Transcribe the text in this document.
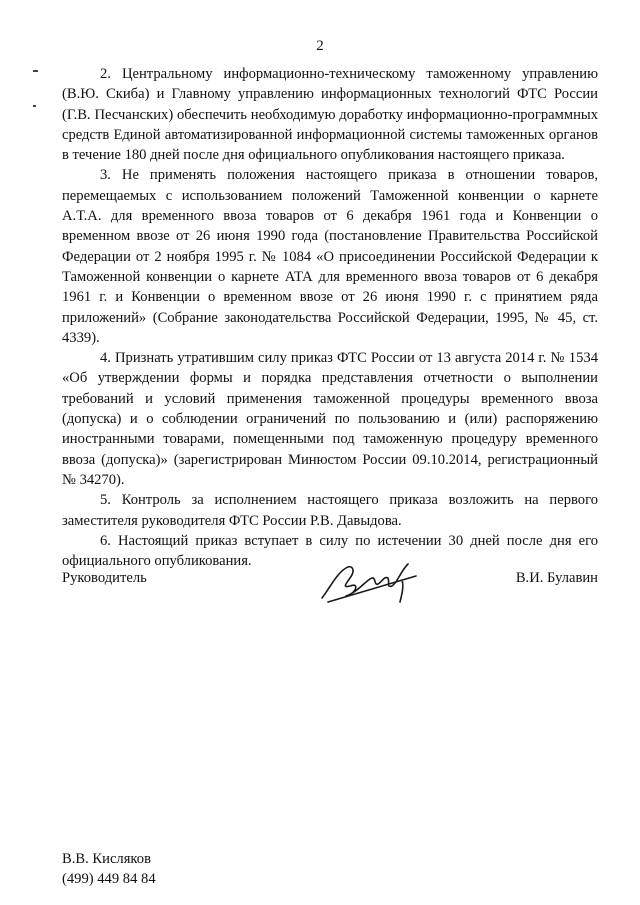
2

2. Центральному информационно-техническому таможенному управлению (В.Ю. Скиба) и Главному управлению информационных технологий ФТС России (Г.В. Песчанских) обеспечить необходимую доработку информационно-программных средств Единой автоматизированной информационной системы таможенных органов в течение 180 дней после дня официального опубликования настоящего приказа.

3. Не применять положения настоящего приказа в отношении товаров, перемещаемых с использованием положений Таможенной конвенции о карнете А.Т.А. для временного ввоза товаров от 6 декабря 1961 года и Конвенции о временном ввозе от 26 июня 1990 года (постановление Правительства Российской Федерации от 2 ноября 1995 г. № 1084 «О присоединении Российской Федерации к Таможенной конвенции о карнете АТА для временного ввоза товаров от 6 декабря 1961 г. и Конвенции о временном ввозе от 26 июня 1990 г. с принятием ряда приложений» (Собрание законодательства Российской Федерации, 1995, № 45, ст. 4339).

4. Признать утратившим силу приказ ФТС России от 13 августа 2014 г. № 1534 «Об утверждении формы и порядка представления отчетности о выполнении требований и условий применения таможенной процедуры временного ввоза (допуска) и о соблюдении ограничений по пользованию и (или) распоряжению иностранными товарами, помещенными под таможенную процедуру временного ввоза (допуска)» (зарегистрирован Минюстом России 09.10.2014, регистрационный № 34270).

5. Контроль за исполнением настоящего приказа возложить на первого заместителя руководителя ФТС России Р.В. Давыдова.

6. Настоящий приказ вступает в силу по истечении 30 дней после дня его официального опубликования.

Руководитель	В.И. Булавин
В.В. Кисляков
(499) 449 84 84
